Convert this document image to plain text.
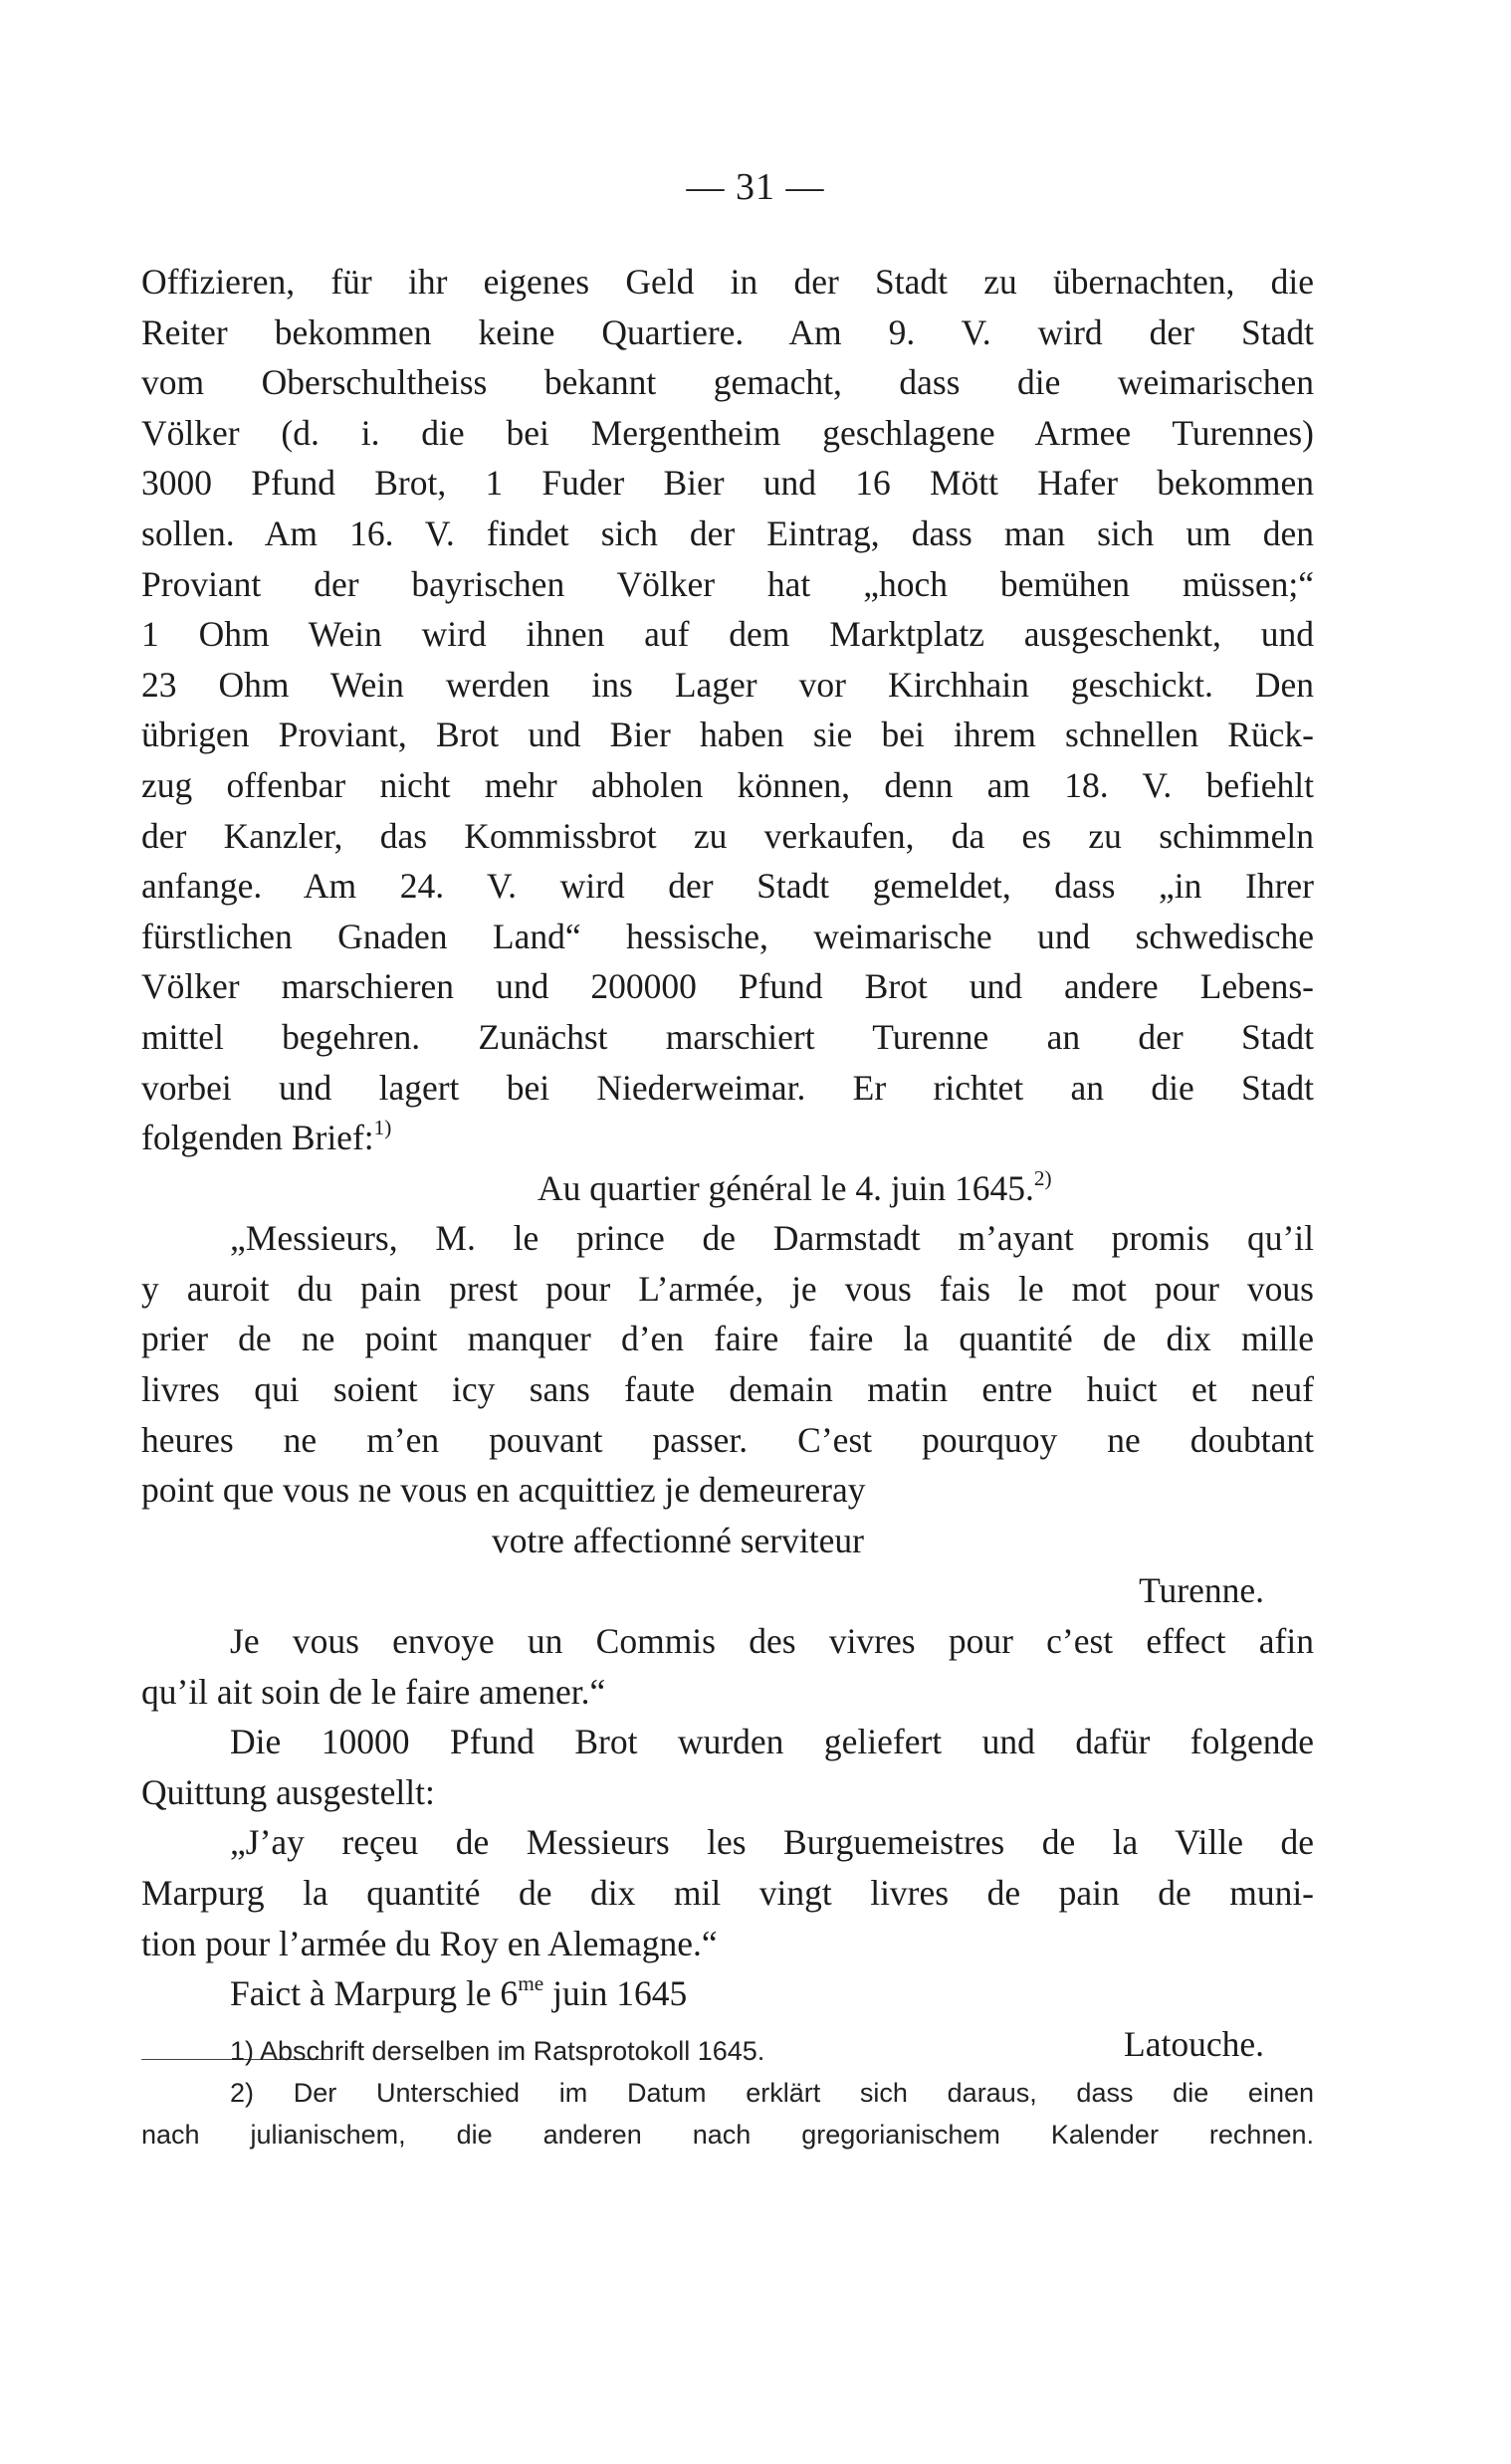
— 31 —
Offizieren, für ihr eigenes Geld in der Stadt zu übernachten, die
Reiter bekommen keine Quartiere. Am 9. V. wird der Stadt
vom Oberschultheiss bekannt gemacht, dass die weimarischen
Völker (d. i. die bei Mergentheim geschlagene Armee Turennes)
3000 Pfund Brot, 1 Fuder Bier und 16 Mött Hafer bekommen
sollen. Am 16. V. findet sich der Eintrag, dass man sich um den
Proviant der bayrischen Völker hat „hoch bemühen müssen;“
1 Ohm Wein wird ihnen auf dem Marktplatz ausgeschenkt, und
23 Ohm Wein werden ins Lager vor Kirchhain geschickt. Den
übrigen Proviant, Brot und Bier haben sie bei ihrem schnellen Rück-
zug offenbar nicht mehr abholen können, denn am 18. V. befiehlt
der Kanzler, das Kommissbrot zu verkaufen, da es zu schimmeln
anfange. Am 24. V. wird der Stadt gemeldet, dass „in Ihrer
fürstlichen Gnaden Land“ hessische, weimarische und schwedische
Völker marschieren und 200000 Pfund Brot und andere Lebens-
mittel begehren. Zunächst marschiert Turenne an der Stadt
vorbei und lagert bei Niederweimar. Er richtet an die Stadt
folgenden Brief:$^{1)}$
Au quartier général le 4. juin 1645.$^{2)}$
„Messieurs, M. le prince de Darmstadt m’ayant promis qu’il
y auroit du pain prest pour L’armée, je vous fais le mot pour vous
prier de ne point manquer d’en faire faire la quantité de dix mille
livres qui soient icy sans faute demain matin entre huict et neuf
heures ne m’en pouvant passer. C’est pourquoy ne doubtant
point que vous ne vous en acquittiez je demeureray
votre affectionné serviteur
Turenne.
Je vous envoye un Commis des vivres pour c’est effect afin
qu’il ait soin de le faire amener.“
Die 10000 Pfund Brot wurden geliefert und dafür folgende
Quittung ausgestellt:
„J’ay reçeu de Messieurs les Burguemeistres de la Ville de
Marpurg la quantité de dix mil vingt livres de pain de muni-
tion pour l’armée du Roy en Alemagne.“
Faict à Marpurg le $6^{me}$ juin 1645
Latouche.
1) Abschrift derselben im Ratsprotokoll 1645.
2) Der Unterschied im Datum erklärt sich daraus, dass die einen
nach julianischem, die anderen nach gregorianischem Kalender rechnen.
